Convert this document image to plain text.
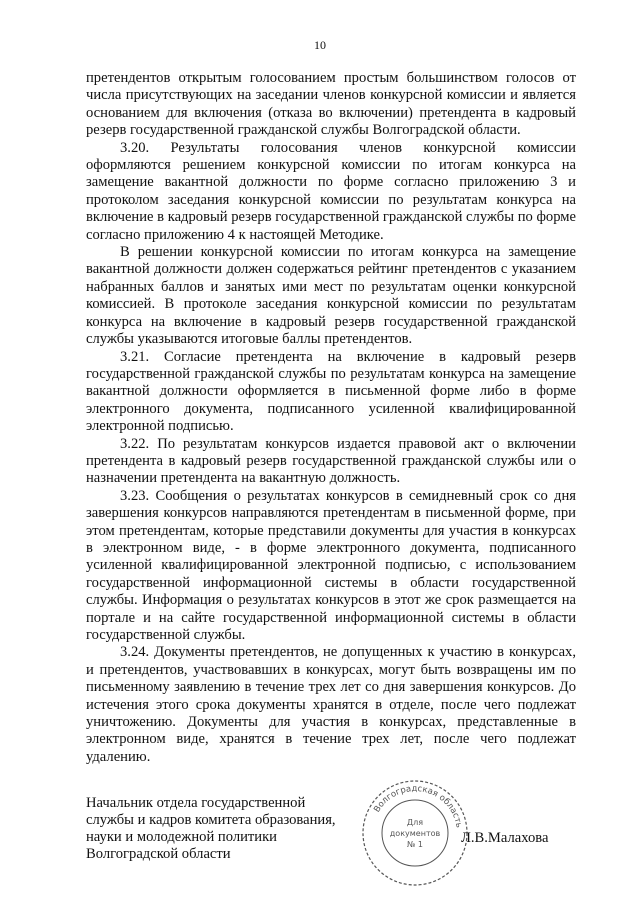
10

претендентов открытым голосованием простым большинством голосов от числа присутствующих на заседании членов конкурсной комиссии и является основанием для включения (отказа во включении) претендента в кадровый резерв государственной гражданской службы Волгоградской области.

3.20. Результаты голосования членов конкурсной комиссии оформляются решением конкурсной комиссии по итогам конкурса на замещение вакантной должности по форме согласно приложению 3 и протоколом заседания конкурсной комиссии по результатам конкурса на включение в кадровый резерв государственной гражданской службы по форме согласно приложению 4 к настоящей Методике.

В решении конкурсной комиссии по итогам конкурса на замещение вакантной должности должен содержаться рейтинг претендентов с указанием набранных баллов и занятых ими мест по результатам оценки конкурсной комиссией. В протоколе заседания конкурсной комиссии по результатам конкурса на включение в кадровый резерв государственной гражданской службы указываются итоговые баллы претендентов.

3.21. Согласие претендента на включение в кадровый резерв государственной гражданской службы по результатам конкурса на замещение вакантной должности оформляется в письменной форме либо в форме электронного документа, подписанного усиленной квалифицированной электронной подписью.

3.22. По результатам конкурсов издается правовой акт о включении претендента в кадровый резерв государственной гражданской службы или о назначении претендента на вакантную должность.

3.23. Сообщения о результатах конкурсов в семидневный срок со дня завершения конкурсов направляются претендентам в письменной форме, при этом претендентам, которые представили документы для участия в конкурсах в электронном виде, - в форме электронного документа, подписанного усиленной квалифицированной электронной подписью, с использованием государственной информационной системы в области государственной службы. Информация о результатах конкурсов в этот же срок размещается на портале и на сайте государственной информационной системы в области государственной службы.

3.24. Документы претендентов, не допущенных к участию в конкурсах, и претендентов, участвовавших в конкурсах, могут быть возвращены им по письменному заявлению в течение трех лет со дня завершения конкурсов. До истечения этого срока документы хранятся в отделе, после чего подлежат уничтожению. Документы для участия в конкурсах, представленные в электронном виде, хранятся в течение трех лет, после чего подлежат удалению.

Начальник отдела государственной
службы и кадров комитета образования,
науки и молодежной политики
Волгоградской области
Волгоградская область
Для
документов
№ 1	Л.В.Малахова
